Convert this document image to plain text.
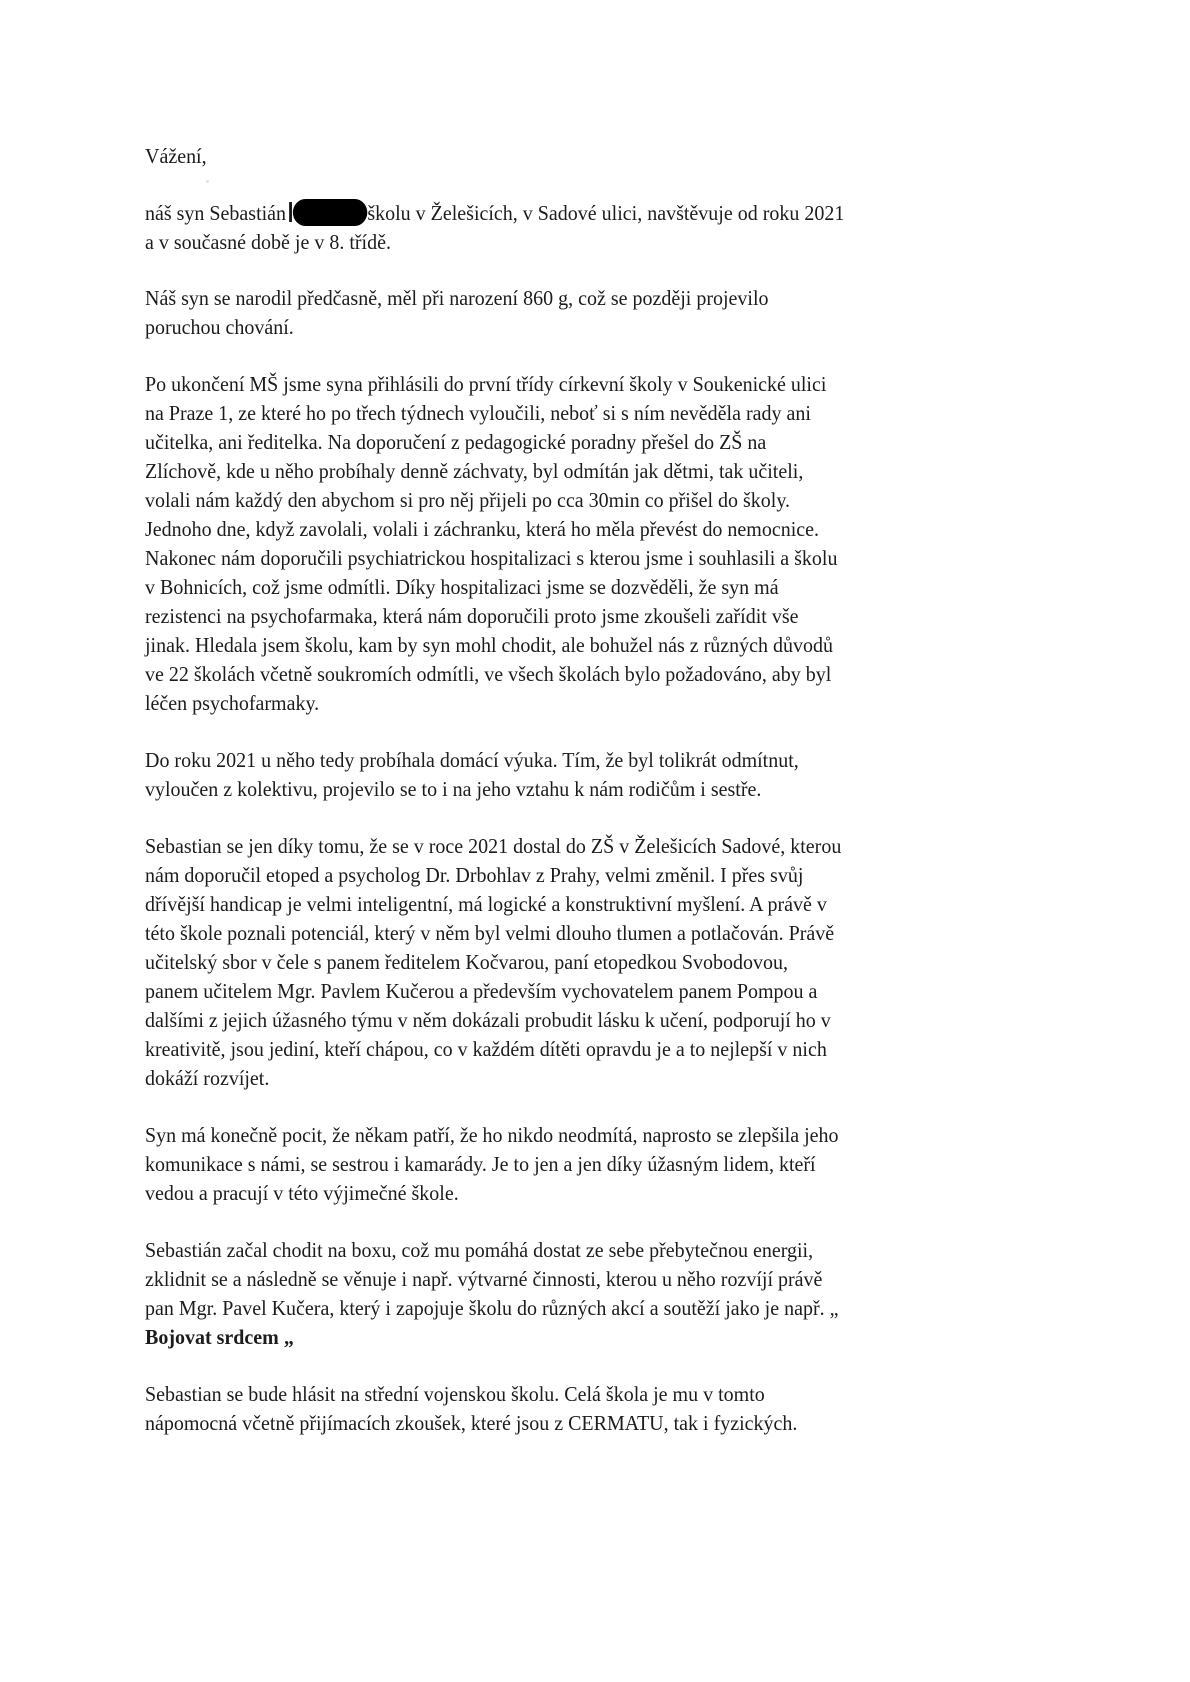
Vážení,
náš syn Sebastián	školu v Želešicích, v Sadové ulici, navštěvuje od roku 2021
a v současné době je v 8. třídě.
Náš syn se narodil předčasně, měl při narození 860 g, což se později projevilo
poruchou chování.
Po ukončení MŠ jsme syna přihlásili do první třídy církevní školy v Soukenické ulici
na Praze 1, ze které ho po třech týdnech vyloučili, neboť si s ním nevěděla rady ani
učitelka, ani ředitelka. Na doporučení z pedagogické poradny přešel do ZŠ na
Zlíchově, kde u něho probíhaly denně záchvaty, byl odmítán jak dětmi, tak učiteli,
volali nám každý den abychom si pro něj přijeli po cca 30min co přišel do školy.
Jednoho dne, když zavolali, volali i záchranku, která ho měla převést do nemocnice.
Nakonec nám doporučili psychiatrickou hospitalizaci s kterou jsme i souhlasili a školu
v Bohnicích, což jsme odmítli. Díky hospitalizaci jsme se dozvěděli, že syn má
rezistenci na psychofarmaka, která nám doporučili proto jsme zkoušeli zařídit vše
jinak. Hledala jsem školu, kam by syn mohl chodit, ale bohužel nás z různých důvodů
ve 22 školách včetně soukromích odmítli, ve všech školách bylo požadováno, aby byl
léčen psychofarmaky.
Do roku 2021 u něho tedy probíhala domácí výuka. Tím, že byl tolikrát odmítnut,
vyloučen z kolektivu, projevilo se to i na jeho vztahu k nám rodičům i sestře.
Sebastian se jen díky tomu, že se v roce 2021 dostal do ZŠ v Želešicích Sadové, kterou
nám doporučil etoped a psycholog Dr. Drbohlav z Prahy, velmi změnil. I přes svůj
dřívější handicap je velmi inteligentní, má logické a konstruktivní myšlení. A právě v
této škole poznali potenciál, který v něm byl velmi dlouho tlumen a potlačován. Právě
učitelský sbor v čele s panem ředitelem Kočvarou, paní etopedkou Svobodovou,
panem učitelem Mgr. Pavlem Kučerou a především vychovatelem panem Pompou a
dalšími z jejich úžasného týmu v něm dokázali probudit lásku k učení, podporují ho v
kreativitě, jsou jediní, kteří chápou, co v každém dítěti opravdu je a to nejlepší v nich
dokáží rozvíjet.
Syn má konečně pocit, že někam patří, že ho nikdo neodmítá, naprosto se zlepšila jeho
komunikace s námi, se sestrou i kamarády. Je to jen a jen díky úžasným lidem, kteří
vedou a pracují v této výjimečné škole.
Sebastián začal chodit na boxu, což mu pomáhá dostat ze sebe přebytečnou energii,
zklidnit se a následně se věnuje i např. výtvarné činnosti, kterou u něho rozvíjí právě
pan Mgr. Pavel Kučera, který i zapojuje školu do různých akcí a soutěží jako je např. „
Bojovat srdcem „
Sebastian se bude hlásit na střední vojenskou školu. Celá škola je mu v tomto
nápomocná včetně přijímacích zkoušek, které jsou z CERMATU, tak i fyzických.
